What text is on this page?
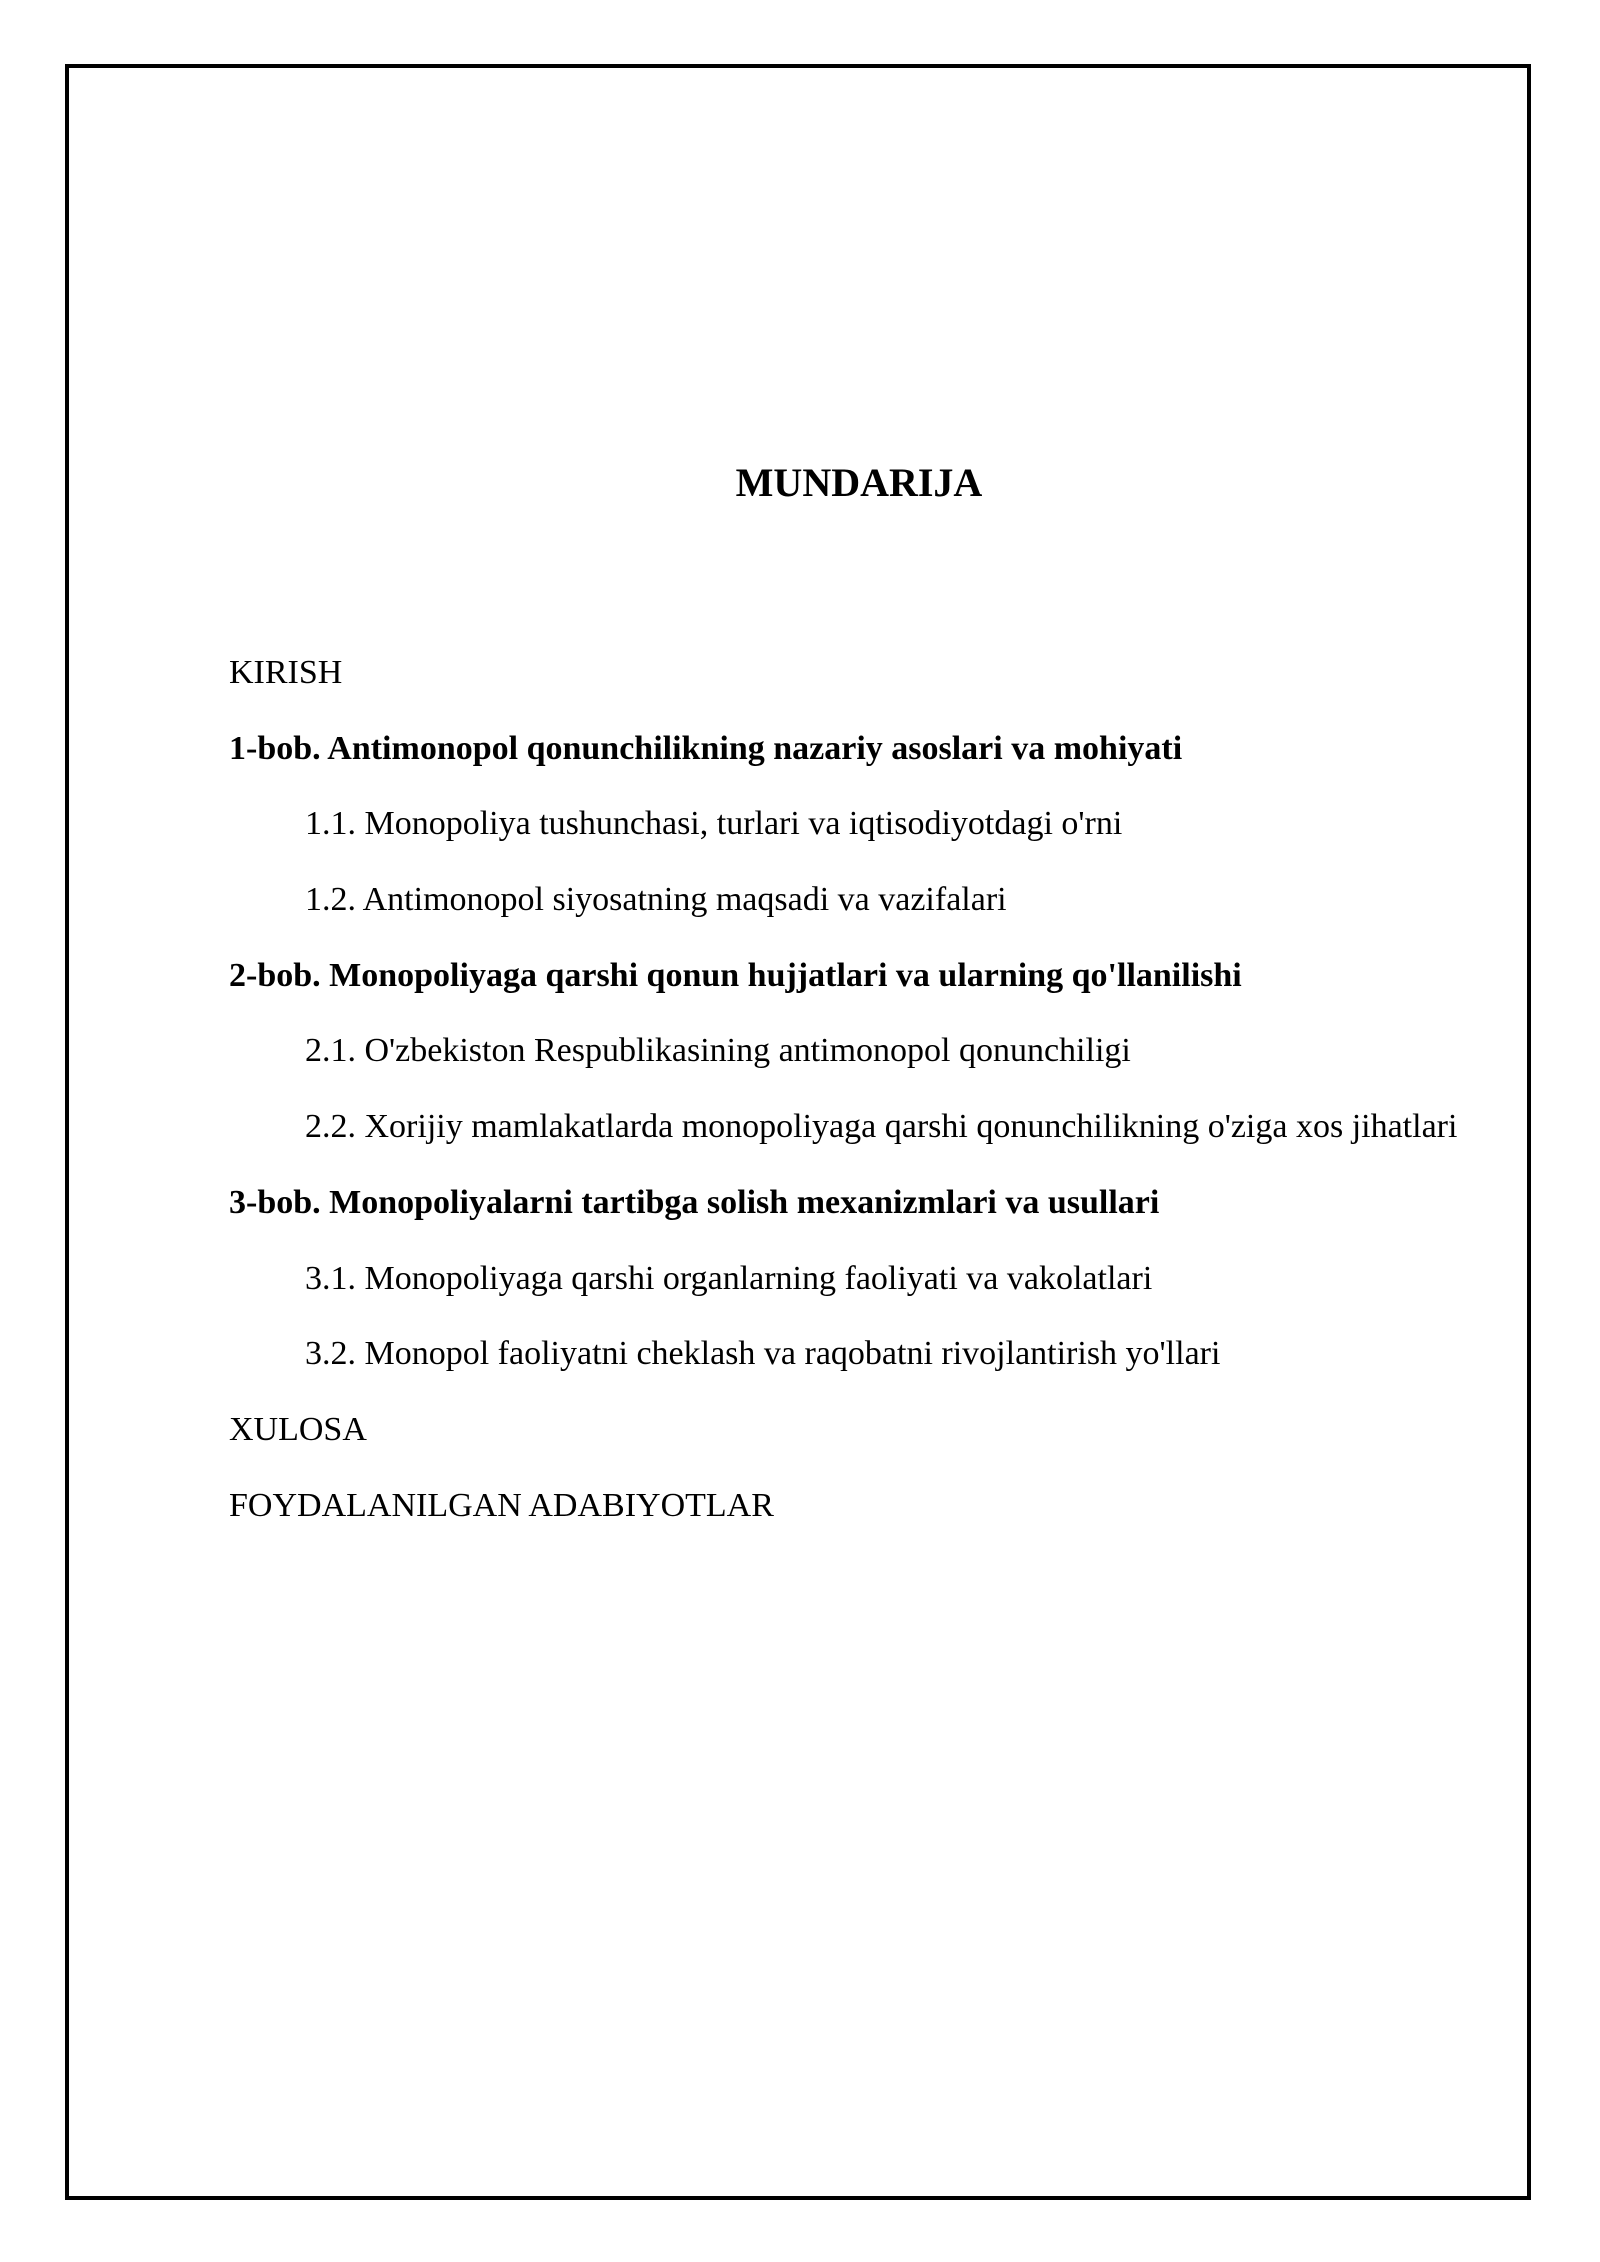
MUNDARIJA
KIRISH
1-bob. Antimonopol qonunchilikning nazariy asoslari va mohiyati
1.1. Monopoliya tushunchasi, turlari va iqtisodiyotdagi o'rni
1.2. Antimonopol siyosatning maqsadi va vazifalari
2-bob. Monopoliyaga qarshi qonun hujjatlari va ularning qo'llanilishi
2.1. O'zbekiston Respublikasining antimonopol qonunchiligi
2.2. Xorijiy mamlakatlarda monopoliyaga qarshi qonunchilikning o'ziga xos jihatlari
3-bob. Monopoliyalarni tartibga solish mexanizmlari va usullari
3.1. Monopoliyaga qarshi organlarning faoliyati va vakolatlari
3.2. Monopol faoliyatni cheklash va raqobatni rivojlantirish yo'llari
XULOSA
FOYDALANILGAN ADABIYOTLAR
